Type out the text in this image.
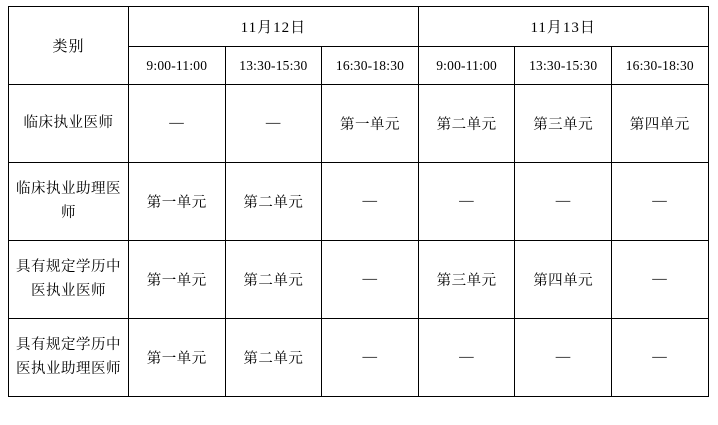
类别	11月12日			11月13日		
	9:00-11:00	13:30-15:30	16:30-18:30	9:00-11:00	13:30-15:30	16:30-18:30
临床执业医师	—	—	第一单元	第二单元	第三单元	第四单元
临床执业助理医师	第一单元	第二单元	—	—	—	—
具有规定学历中医执业医师	第一单元	第二单元	—	第三单元	第四单元	—
具有规定学历中医执业助理医师	第一单元	第二单元	—	—	—	—
